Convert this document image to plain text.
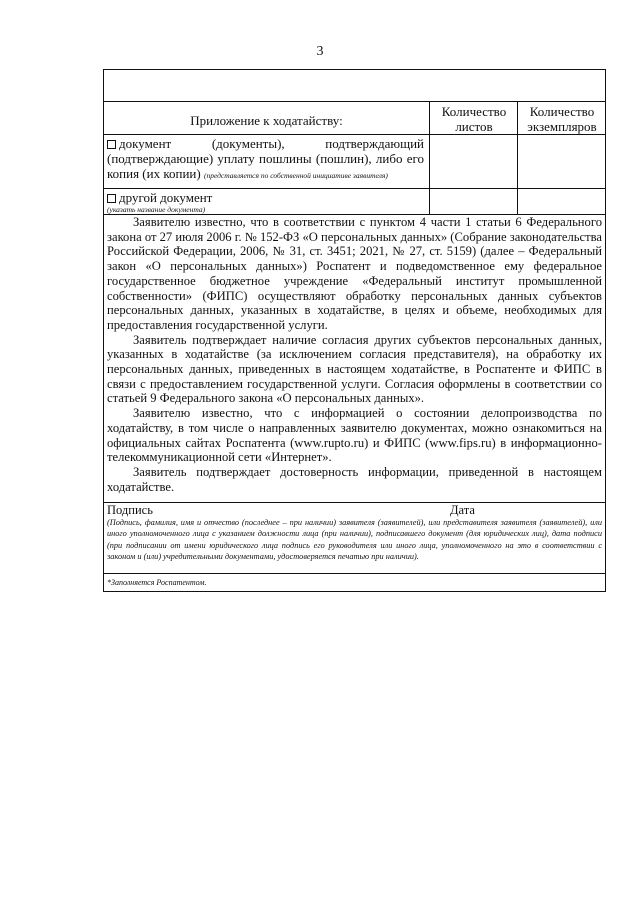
3
Приложение к ходатайству:
Количество листов
Количество экземпляров
документ (документы), подтверждающий (подтверждающие) уплату пошлины (пошлин), либо его копия (их копии) (представляется по собственной инициативе заявителя)
другой документ
(указать название документа)

Заявителю известно, что в соответствии с пунктом 4 части 1 статьи 6 Федерального закона от 27 июля 2006 г. № 152-ФЗ «О персональных данных» (Собрание законодательства Российской Федерации, 2006, № 31, ст. 3451; 2021, № 27, ст. 5159) (далее – Федеральный закон «О персональных данных») Роспатент и подведомственное ему федеральное государственное бюджетное учреждение «Федеральный институт промышленной собственности» (ФИПС) осуществляют обработку персональных данных субъектов персональных данных, указанных в ходатайстве, в целях и объеме, необходимых для предоставления государственной услуги.

Заявитель подтверждает наличие согласия других субъектов персональных данных, указанных в ходатайстве (за исключением согласия представителя), на обработку их персональных данных, приведенных в настоящем ходатайстве, в Роспатенте и ФИПС в связи с предоставлением государственной услуги. Согласия оформлены в соответствии со статьей 9 Федерального закона «О персональных данных».

Заявителю известно, что с информацией о состоянии делопроизводства по ходатайству, в том числе о направленных заявителю документах, можно ознакомиться на официальных сайтах Роспатента (www.rupto.ru) и ФИПС (www.fips.ru) в информационно-телекоммуникационной сети «Интернет».

Заявитель подтверждает достоверность информации, приведенной в настоящем ходатайстве.

Подпись	Дата
(Подпись, фамилия, имя и отчество (последнее – при наличии) заявителя (заявителей), или представителя заявителя (заявителей), или иного уполномоченного лица с указанием должности лица (при наличии), подписавшего документ (для юридических лиц), дата подписи (при подписании от имени юридического лица подпись его руководителя или иного лица, уполномоченного на это в соответствии с законом и (или) учредительными документами, удостоверяется печатью при наличии).
*Заполняется Роспатентом.
